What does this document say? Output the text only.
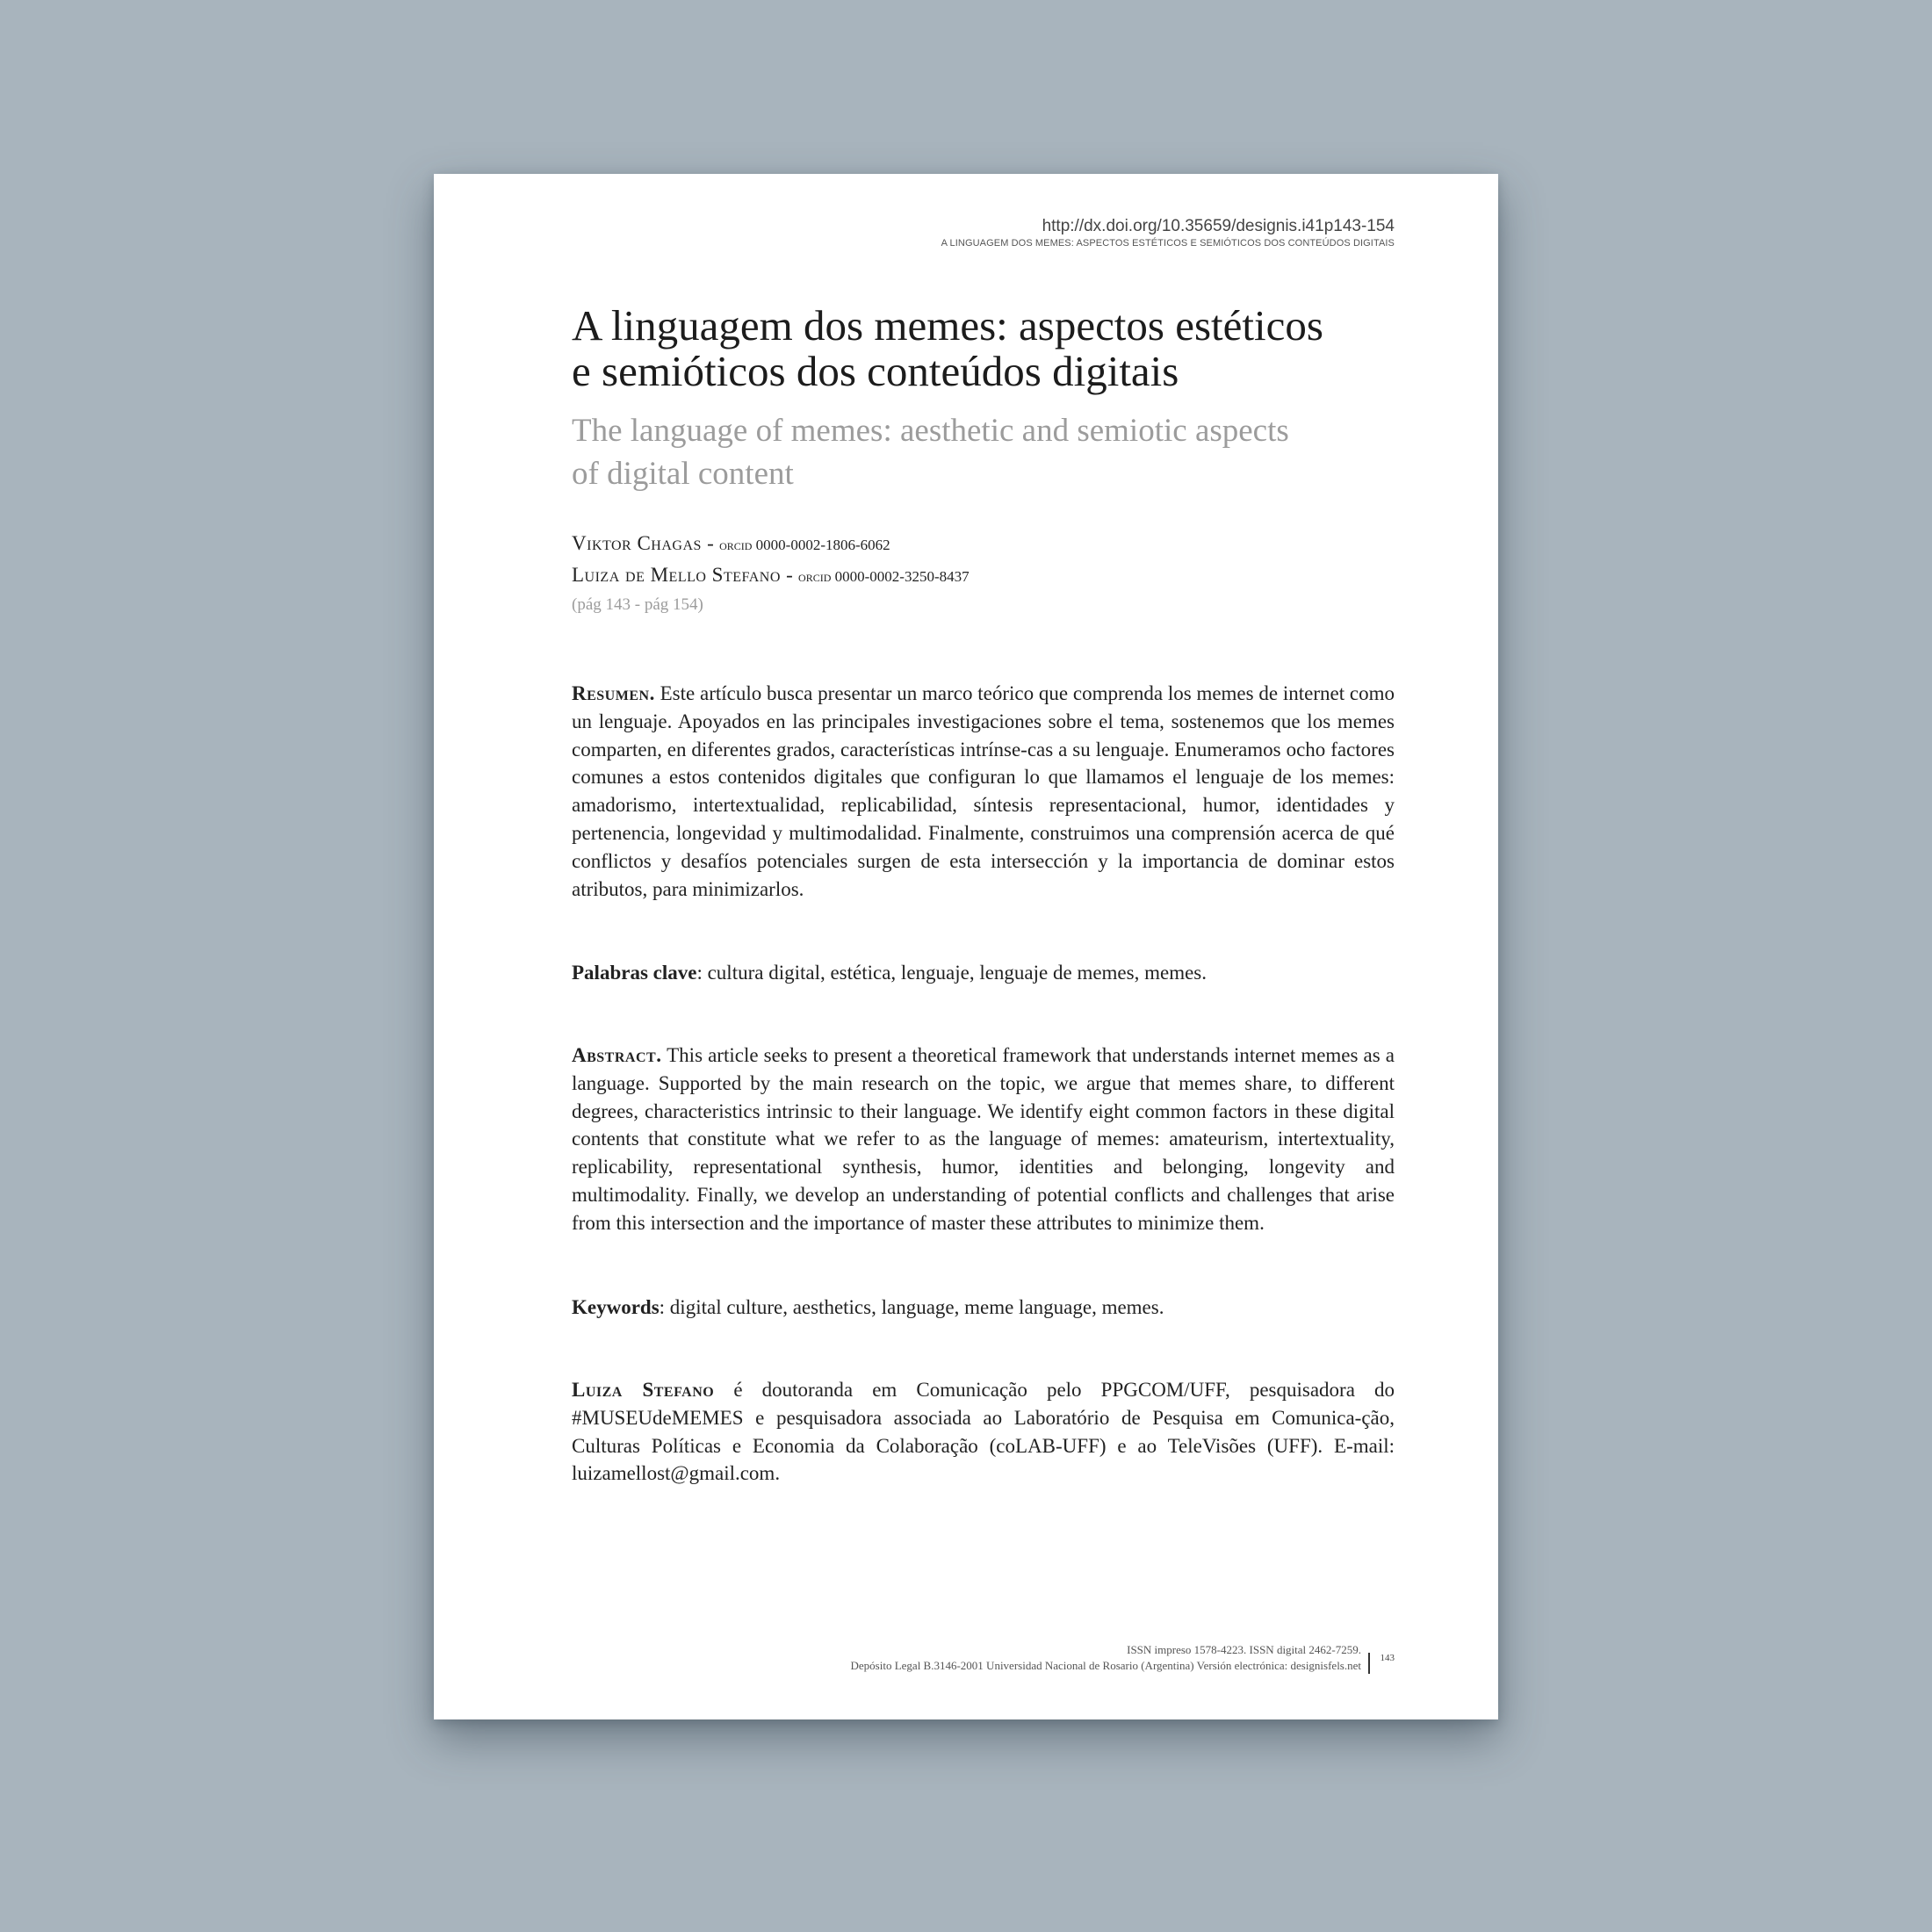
http://dx.doi.org/10.35659/designis.i41p143-154
A LINGUAGEM DOS MEMES: ASPECTOS ESTÉTICOS E SEMIÓTICOS DOS CONTEÚDOS DIGITAIS
A linguagem dos memes: aspectos estéticos
e semióticos dos conteúdos digitais
The language of memes: aesthetic and semiotic aspects
of digital content
Viktor Chagas - orcid 0000-0002-1806-6062
Luiza de Mello Stefano - orcid 0000-0002-3250-8437
(pág 143 - pág 154)

Resumen. Este artículo busca presentar un marco teórico que comprenda los memes de internet como un lenguaje. Apoyados en las principales investigaciones sobre el tema, sostenemos que los memes comparten, en diferentes grados, características intrínse-cas a su lenguaje. Enumeramos ocho factores comunes a estos contenidos digitales que configuran lo que llamamos el lenguaje de los memes: amadorismo, intertextualidad, replicabilidad, síntesis representacional, humor, identidades y pertenencia, longevidad y multimodalidad. Finalmente, construimos una comprensión acerca de qué conflictos y desafíos potenciales surgen de esta intersección y la importancia de dominar estos atributos, para minimizarlos.

Palabras clave: cultura digital, estética, lenguaje, lenguaje de memes, memes.

Abstract. This article seeks to present a theoretical framework that understands internet memes as a language. Supported by the main research on the topic, we argue that memes share, to different degrees, characteristics intrinsic to their language. We identify eight common factors in these digital contents that constitute what we refer to as the language of memes: amateurism, intertextuality, replicability, representational synthesis, humor, identities and belonging, longevity and multimodality. Finally, we develop an understanding of potential conflicts and challenges that arise from this intersection and the importance of master these attributes to minimize them.

Keywords: digital culture, aesthetics, language, meme language, memes.

Luiza Stefano é doutoranda em Comunicação pelo PPGCOM/UFF, pesquisadora do #MUSEUdeMEMES e pesquisadora associada ao Laboratório de Pesquisa em Comunica-ção, Culturas Políticas e Economia da Colaboração (coLAB-UFF) e ao TeleVisões (UFF). E-mail: luizamellost@gmail.com.

ISSN impreso 1578-4223. ISSN digital 2462-7259.
Depósito Legal B.3146-2001 Universidad Nacional de Rosario (Argentina) Versión electrónica: designisfels.net
143
